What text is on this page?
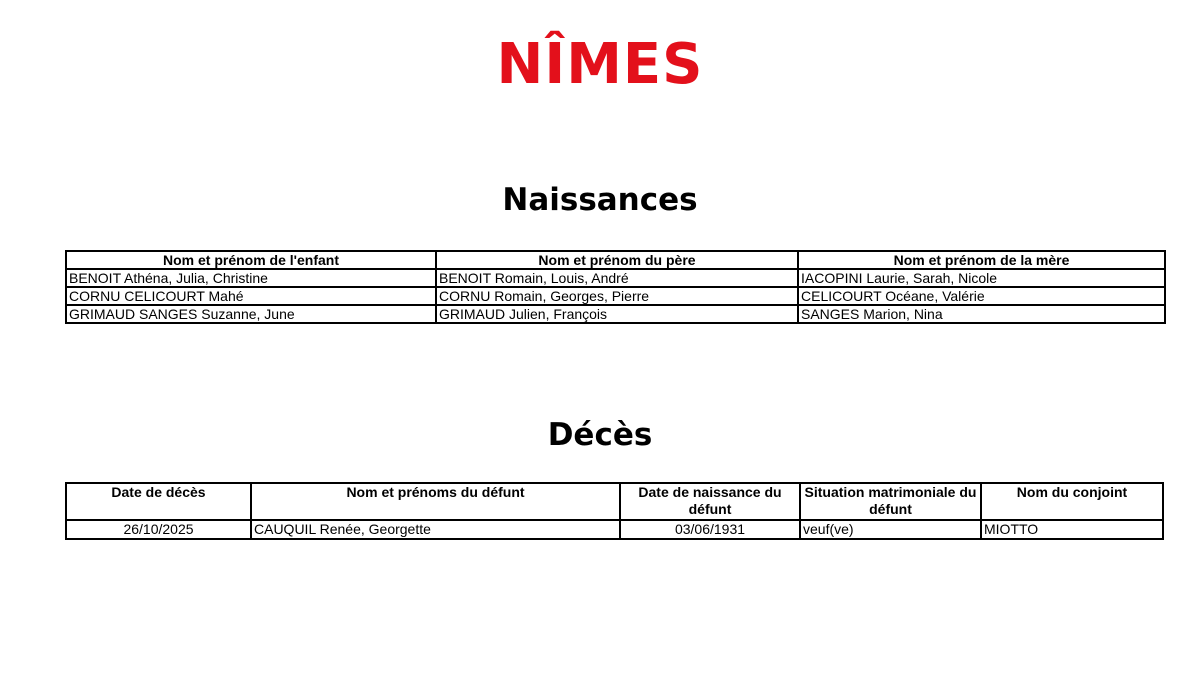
NÎMES
Naissances
Nom et prénom de l'enfant	Nom et prénom du père	Nom et prénom de la mère
BENOIT Athéna, Julia, Christine	BENOIT Romain, Louis, André	IACOPINI Laurie, Sarah, Nicole
CORNU CELICOURT Mahé	CORNU Romain, Georges, Pierre	CELICOURT Océane, Valérie
GRIMAUD SANGES Suzanne, June	GRIMAUD Julien, François	SANGES Marion, Nina
Décès
Date de décès	Nom et prénoms du défunt	Date de naissance du défunt	Situation matrimoniale du défunt	Nom du conjoint
26/10/2025	CAUQUIL Renée, Georgette	03/06/1931	veuf(ve)	MIOTTO
